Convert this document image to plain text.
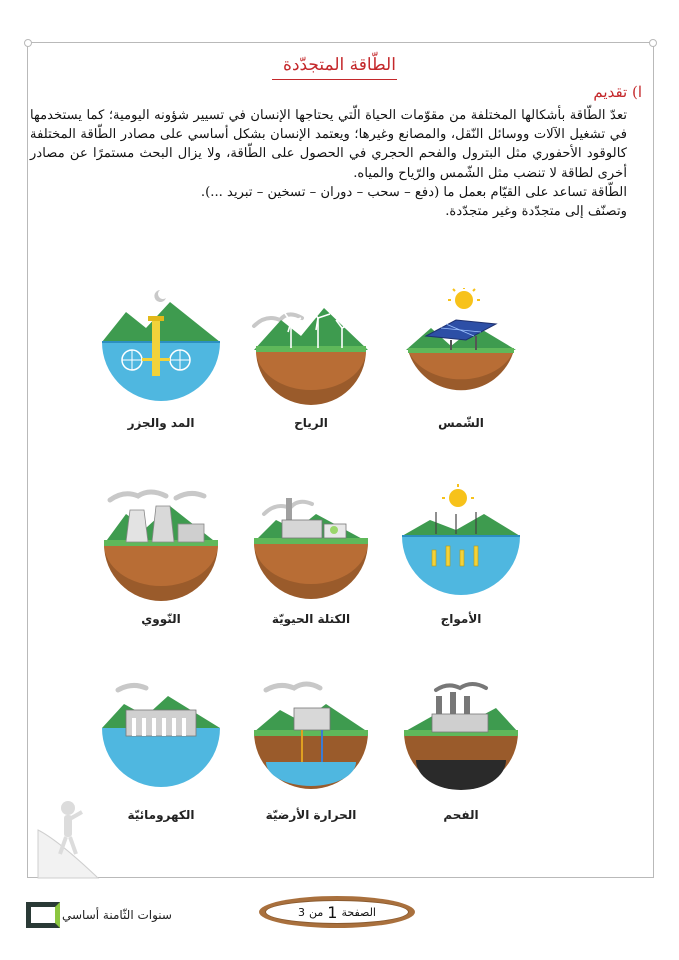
الطّاقة المتجدّدة
ا) تقديم

تعدّ الطّاقة بأشكالها المختلفة من مقوّمات الحياة الّتي يحتاجها الإنسان في تسيير شؤونه اليومية؛ كما يستخدمها في تشغيل الآلات ووسائل النّقل، والمصانع وغيرها؛ ويعتمد الإنسان بشكل أساسي على مصادر الطّاقة المختلفة كالوقود الأحفوري مثل البترول والفحم الحجري في الحصول على الطّاقة، ولا يزال البحث مستمرًا عن مصادر أخرى لطاقة لا تنضب مثل الشّمس والرّياح والمياه.

الطّاقة تساعد على القيّام بعمل ما (دفع – سحب – دوران – تسخين – تبريد ...).

وتصنّف إلى متجدّدة وغير متجدّدة.

الشّمس
الرياح
المد والجزر
الأمواج
الكتلة الحيويّة
النّووي
الفحم
الحرارة الأرضيّة
الكهرومائيّة
سنوات الثّامنة أساسي	الصفحة
1
من
3
